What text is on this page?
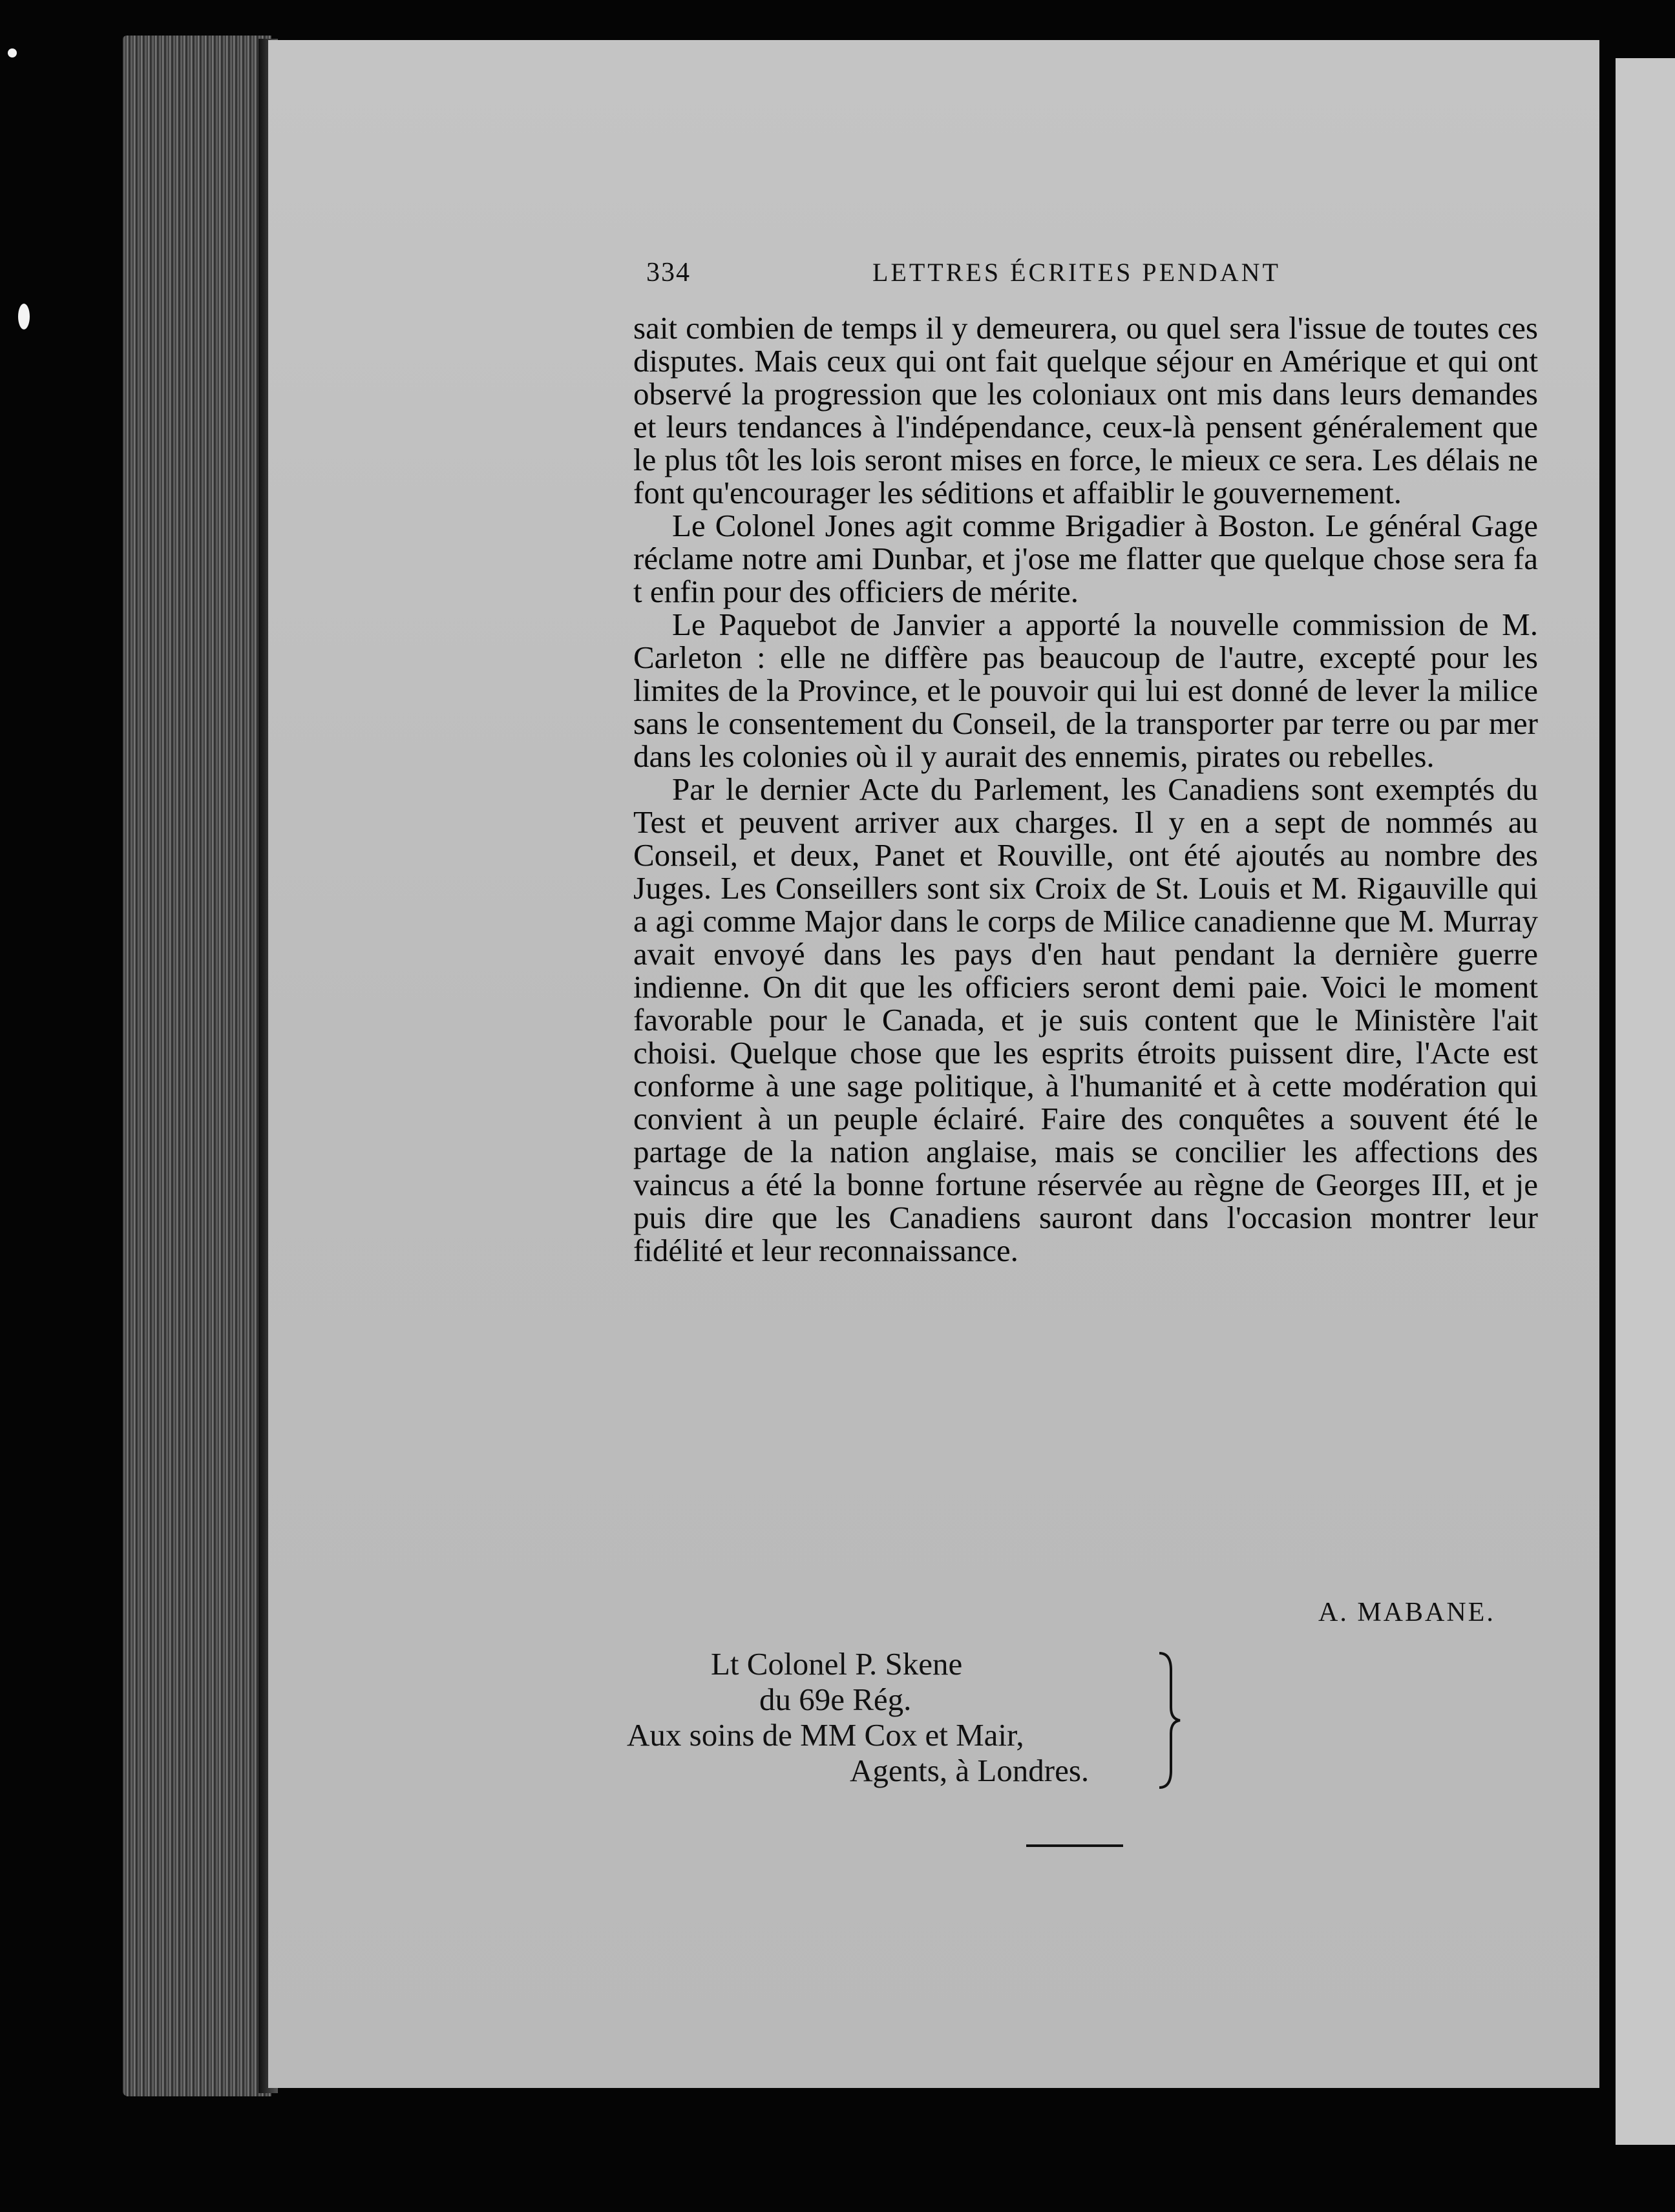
334	LETTRES ÉCRITES PENDANT

sait combien de temps il y demeurera, ou quel sera l'issue de toutes ces disputes. Mais ceux qui ont fait quelque séjour en Amérique et qui ont observé la progression que les coloniaux ont mis dans leurs demandes et leurs tendances à l'indépendance, ceux-là pensent généralement que le plus tôt les lois seront mises en force, le mieux ce sera. Les délais ne font qu'encourager les séditions et affaiblir le gouvernement.

Le Colonel Jones agit comme Brigadier à Boston. Le général Gage réclame notre ami Dunbar, et j'ose me flatter que quelque chose sera fa t enfin pour des officiers de mérite.

Le Paquebot de Janvier a apporté la nouvelle commission de M. Carleton : elle ne diffère pas beaucoup de l'autre, excepté pour les limites de la Province, et le pouvoir qui lui est donné de lever la milice sans le consentement du Conseil, de la transporter par terre ou par mer dans les colonies où il y aurait des ennemis, pirates ou rebelles.

Par le dernier Acte du Parlement, les Canadiens sont exemptés du Test et peuvent arriver aux charges. Il y en a sept de nommés au Conseil, et deux, Panet et Rouville, ont été ajoutés au nombre des Juges. Les Conseillers sont six Croix de St. Louis et M. Rigauville qui a agi comme Major dans le corps de Milice canadienne que M. Murray avait envoyé dans les pays d'en haut pendant la dernière guerre indienne. On dit que les officiers seront demi paie. Voici le moment favorable pour le Canada, et je suis content que le Ministère l'ait choisi. Quelque chose que les esprits étroits puissent dire, l'Acte est conforme à une sage politique, à l'humanité et à cette modération qui convient à un peuple éclairé. Faire des conquêtes a souvent été le partage de la nation anglaise, mais se concilier les affections des vaincus a été la bonne fortune réservée au règne de Georges III, et je puis dire que les Canadiens sauront dans l'occasion montrer leur fidélité et leur reconnaissance.

A. MABANE.
Lt Colonel P. Skene
du 69e Rég.
Aux soins de MM Cox et Mair,
Agents, à Londres.
